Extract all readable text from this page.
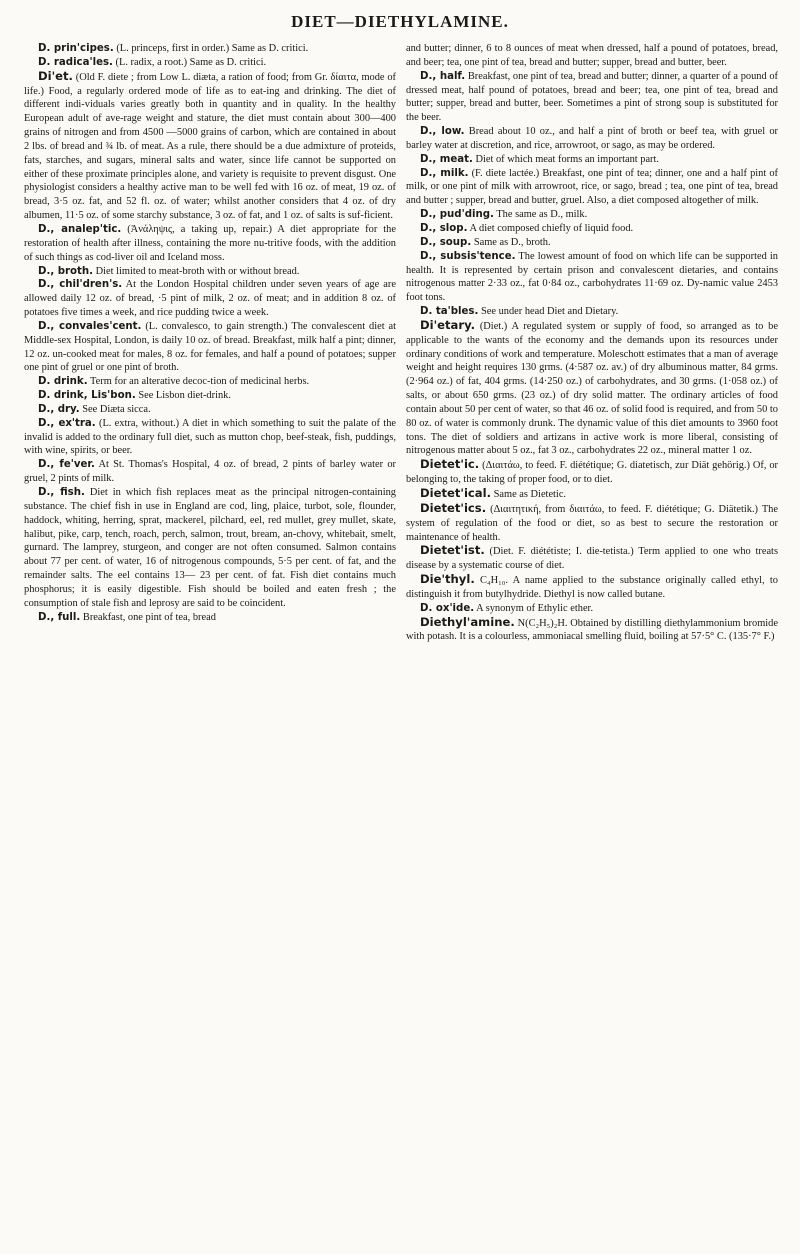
DIET—DIETHYLAMINE.

D. prin'cipes. (L. princeps, first in order.) Same as D. critici.

D. radica'les. (L. radix, a root.) Same as D. critici.

Di'et. (Old F. diete ; from Low L. diæta, a ration of food; from Gr. δίαιτα, mode of life.) Food, a regularly ordered mode of life as to eat-ing and drinking. The diet of different indi-viduals varies greatly both in quantity and in quality. In the healthy European adult of ave-rage weight and stature, the diet must contain about 300—400 grains of nitrogen and from 4500 —5000 grains of carbon, which are contained in about 2 lbs. of bread and ¾ lb. of meat. As a rule, there should be a due admixture of proteids, fats, starches, and sugars, mineral salts and water, since life cannot be supported on either of these proximate principles alone, and variety is requisite to prevent disgust. One physiologist considers a healthy active man to be well fed with 16 oz. of meat, 19 oz. of bread, 3·5 oz. fat, and 52 fl. oz. of water; whilst another considers that 4 oz. of dry albumen, 11·5 oz. of some starchy substance, 3 oz. of fat, and 1 oz. of salts is suf-ficient.

D., analep'tic. (Ἀνάληψις, a taking up, repair.) A diet appropriate for the restoration of health after illness, containing the more nu-tritive foods, with the addition of such things as cod-liver oil and Iceland moss.

D., broth. Diet limited to meat-broth with or without bread.

D., chil'dren's. At the London Hospital children under seven years of age are allowed daily 12 oz. of bread, ·5 pint of milk, 2 oz. of meat; and in addition 8 oz. of potatoes five times a week, and rice pudding twice a week.

D., convales'cent. (L. convalesco, to gain strength.) The convalescent diet at Middle-sex Hospital, London, is daily 10 oz. of bread. Breakfast, milk half a pint; dinner, 12 oz. un-cooked meat for males, 8 oz. for females, and half a pound of potatoes; supper one pint of gruel or one pint of broth.

D. drink. Term for an alterative decoc-tion of medicinal herbs.

D. drink, Lis'bon. See Lisbon diet-drink.

D., dry. See Diæta sicca.

D., ex'tra. (L. extra, without.) A diet in which something to suit the palate of the invalid is added to the ordinary full diet, such as mutton chop, beef-steak, fish, puddings, with wine, spirits, or beer.

D., fe'ver. At St. Thomas's Hospital, 4 oz. of bread, 2 pints of barley water or gruel, 2 pints of milk.

D., fish. Diet in which fish replaces meat as the principal nitrogen-containing substance. The chief fish in use in England are cod, ling, plaice, turbot, sole, flounder, haddock, whiting, herring, sprat, mackerel, pilchard, eel, red mullet, grey mullet, skate, halibut, pike, carp, tench, roach, perch, salmon, trout, bream, an-chovy, whitebait, smelt, gurnard. The lamprey, sturgeon, and conger are not often consumed. Salmon contains about 77 per cent. of water, 16 of nitrogenous compounds, 5·5 per cent. of fat, and the remainder salts. The eel contains 13— 23 per cent. of fat. Fish diet contains much phosphorus; it is easily digestible. Fish should be boiled and eaten fresh ; the consumption of stale fish and leprosy are said to be coincident.

D., full. Breakfast, one pint of tea, bread

and butter; dinner, 6 to 8 ounces of meat when dressed, half a pound of potatoes, bread, and beer; tea, one pint of tea, bread and butter; supper, bread and butter, beer.

D., half. Breakfast, one pint of tea, bread and butter; dinner, a quarter of a pound of dressed meat, half pound of potatoes, bread and beer; tea, one pint of tea, bread and butter; supper, bread and butter, beer. Sometimes a pint of strong soup is substituted for the beer.

D., low. Bread about 10 oz., and half a pint of broth or beef tea, with gruel or barley water at discretion, and rice, arrowroot, or sago, as may be ordered.

D., meat. Diet of which meat forms an important part.

D., milk. (F. diete lactée.) Breakfast, one pint of tea; dinner, one and a half pint of milk, or one pint of milk with arrowroot, rice, or sago, bread ; tea, one pint of tea, bread and butter ; supper, bread and butter, gruel. Also, a diet composed altogether of milk.

D., pud'ding. The same as D., milk.

D., slop. A diet composed chiefly of liquid food.

D., soup. Same as D., broth.

D., subsis'tence. The lowest amount of food on which life can be supported in health. It is represented by certain prison and convalescent dietaries, and contains nitrogenous matter 2·33 oz., fat 0·84 oz., carbohydrates 11·69 oz. Dy-namic value 2453 foot tons.

D. ta'bles. See under head Diet and Dietary.

Di'etary. (Diet.) A regulated system or supply of food, so arranged as to be applicable to the wants of the economy and the demands upon its resources under ordinary conditions of work and temperature. Moleschott estimates that a man of average weight and height requires 130 grms. (4·587 oz. av.) of dry albuminous matter, 84 grms. (2·964 oz.) of fat, 404 grms. (14·250 oz.) of carbohydrates, and 30 grms. (1·058 oz.) of salts, or about 650 grms. (23 oz.) of dry solid matter. The ordinary articles of food contain about 50 per cent of water, so that 46 oz. of solid food is required, and from 50 to 80 oz. of water is commonly drunk. The dynamic value of this diet amounts to 3960 foot tons. The diet of soldiers and artizans in active work is more liberal, consisting of nitrogenous matter about 5 oz., fat 3 oz., carbohydrates 22 oz., mineral matter 1 oz.

Dietet'ic. (Διαιτάω, to feed. F. diététique; G. diatetisch, zur Diät gehörig.) Of, or belonging to, the taking of proper food, or to diet.

Dietet'ical. Same as Dietetic.

Dietet'ics. (Διαιτητική, from διαιτάω, to feed. F. diététique; G. Diätetik.) The system of regulation of the food or diet, so as best to secure the restoration or maintenance of health.

Dietet'ist. (Diet. F. diététiste; I. die-tetista.) Term applied to one who treats disease by a systematic course of diet.

Die'thyl. C₄H₁₀. A name applied to the substance originally called ethyl, to distinguish it from butylhydride. Diethyl is now called butane.

D. ox'ide. A synonym of Ethylic ether.

Diethyl'amine. N(C₂H₅)₂H. Obtained by distilling diethylammonium bromide with potash. It is a colourless, ammoniacal smelling fluid, boiling at 57·5° C. (135·7° F.)
